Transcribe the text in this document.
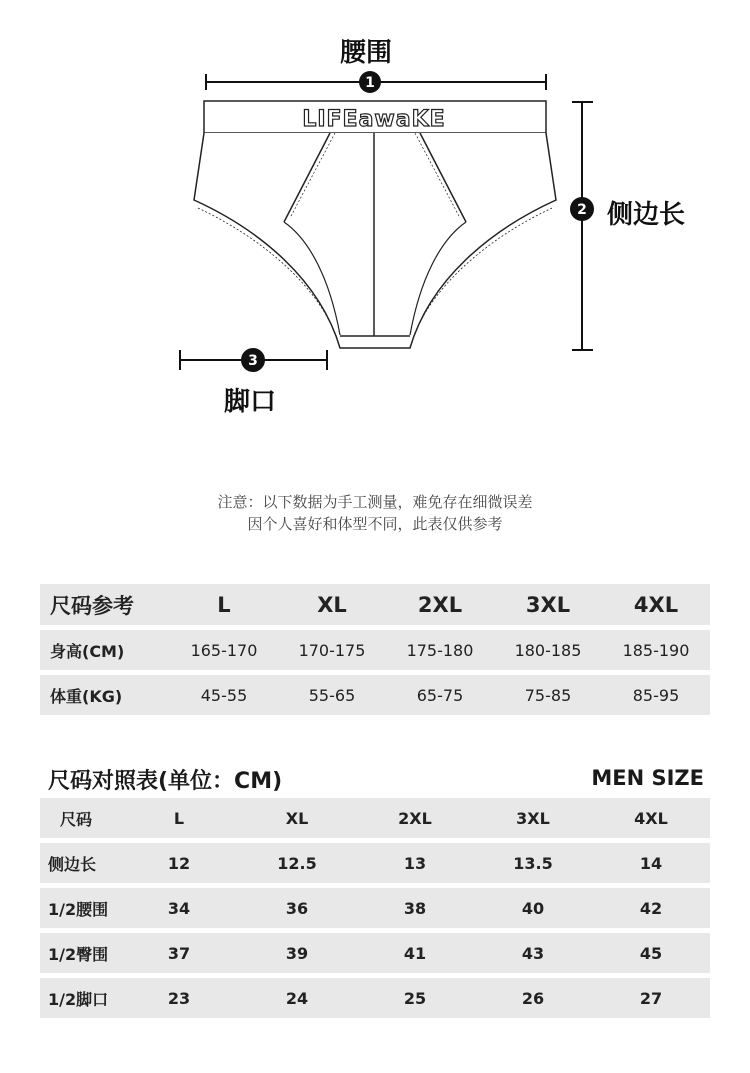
1
2
3
LIFEawaKE
腰围
侧边长
脚口
注意：以下数据为手工测量，难免存在细微误差
因个人喜好和体型不同，此表仅供参考
尺码参考	L	XL	2XL	3XL	4XL
身高(CM)	165-170	170-175	175-180	180-185	185-190
体重(KG)	45-55	55-65	65-75	75-85	85-95
尺码对照表(单位：CM)	MEN SIZE
尺码	L	XL	2XL	3XL	4XL
侧边长	12	12.5	13	13.5	14
1/2腰围	34	36	38	40	42
1/2臀围	37	39	41	43	45
1/2脚口	23	24	25	26	27
